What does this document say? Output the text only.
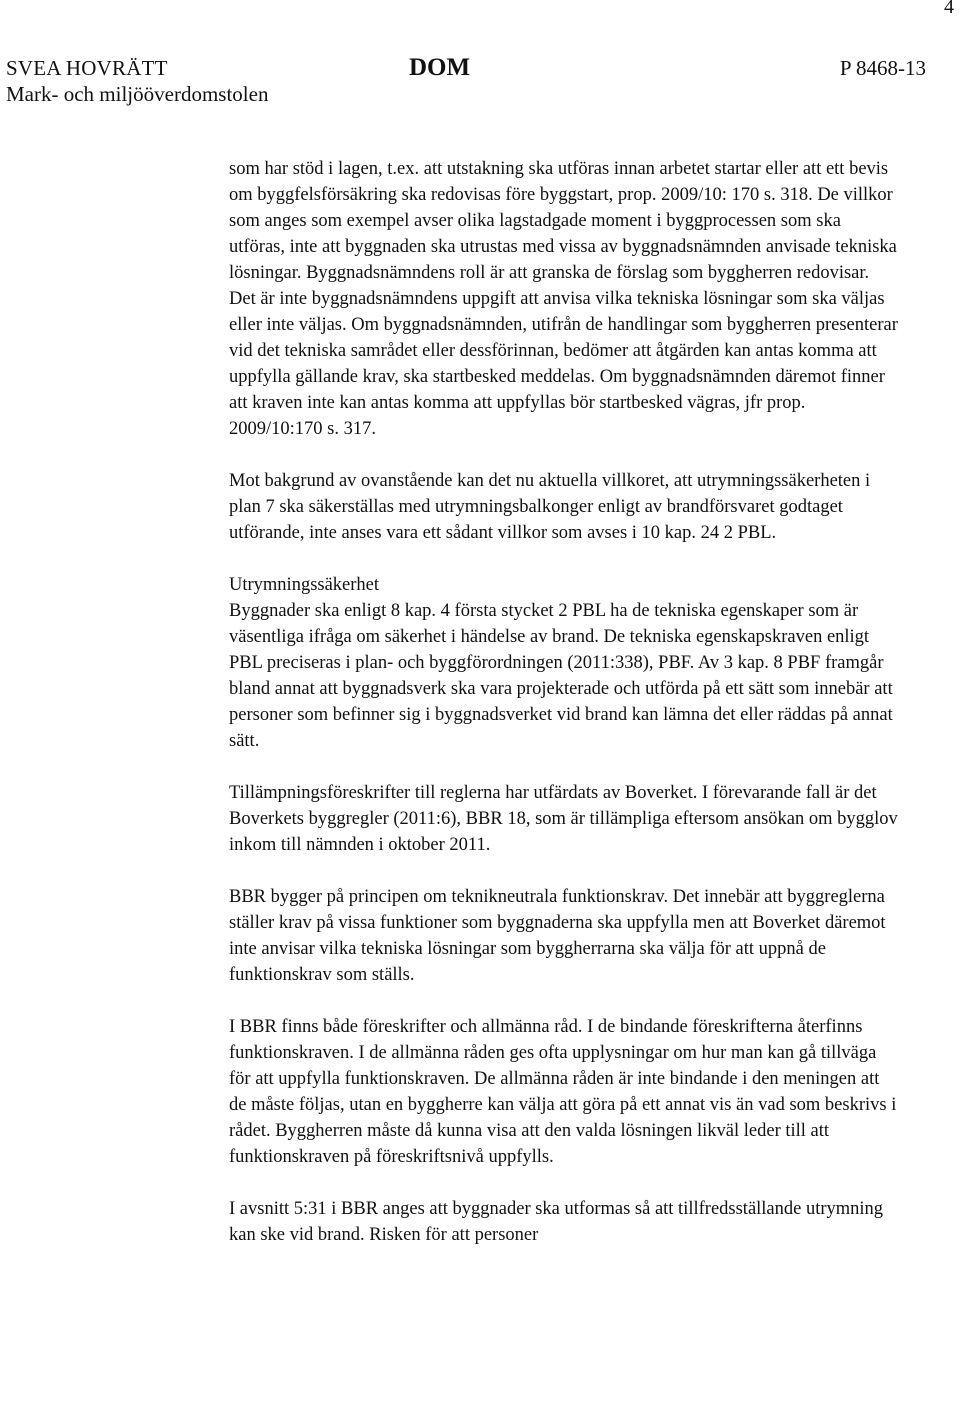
4
SVEA HOVRÄTT
Mark- och miljööverdomstolen
DOM	P 8468-13

som har stöd i lagen, t.ex. att utstakning ska utföras innan arbetet startar eller att ett bevis om byggfelsförsäkring ska redovisas före byggstart, prop. 2009/10: 170 s. 318. De villkor som anges som exempel avser olika lagstadgade moment i byggprocessen som ska utföras, inte att byggnaden ska utrustas med vissa av byggnadsnämnden anvisade tekniska lösningar. Byggnadsnämndens roll är att granska de förslag som byggherren redovisar. Det är inte byggnadsnämndens uppgift att anvisa vilka tekniska lösningar som ska väljas eller inte väljas. Om byggnadsnämnden, utifrån de handlingar som byggherren presenterar vid det tekniska samrådet eller dessförinnan, bedömer att åtgärden kan antas komma att uppfylla gällande krav, ska startbesked meddelas. Om byggnadsnämnden däremot finner att kraven inte kan antas komma att uppfyllas bör startbesked vägras, jfr prop. 2009/10:170 s. 317.

Mot bakgrund av ovanstående kan det nu aktuella villkoret, att utrymningssäkerheten i plan 7 ska säkerställas med utrymningsbalkonger enligt av brandförsvaret godtaget utförande, inte anses vara ett sådant villkor som avses i 10 kap. 24 2 PBL.

Utrymningssäkerhet
Byggnader ska enligt 8 kap. 4 första stycket 2 PBL ha de tekniska egenskaper som är väsentliga ifråga om säkerhet i händelse av brand. De tekniska egenskapskraven enligt PBL preciseras i plan- och byggförordningen (2011:338), PBF. Av 3 kap. 8 PBF framgår bland annat att byggnadsverk ska vara projekterade och utförda på ett sätt som innebär att personer som befinner sig i byggnadsverket vid brand kan lämna det eller räddas på annat sätt.

Tillämpningsföreskrifter till reglerna har utfärdats av Boverket. I förevarande fall är det Boverkets byggregler (2011:6), BBR 18, som är tillämpliga eftersom ansökan om bygglov inkom till nämnden i oktober 2011.

BBR bygger på principen om teknikneutrala funktionskrav. Det innebär att byggreglerna ställer krav på vissa funktioner som byggnaderna ska uppfylla men att Boverket däremot inte anvisar vilka tekniska lösningar som byggherrarna ska välja för att uppnå de funktionskrav som ställs.

I BBR finns både föreskrifter och allmänna råd. I de bindande föreskrifterna återfinns funktionskraven. I de allmänna råden ges ofta upplysningar om hur man kan gå tillväga för att uppfylla funktionskraven. De allmänna råden är inte bindande i den meningen att de måste följas, utan en byggherre kan välja att göra på ett annat vis än vad som beskrivs i rådet. Byggherren måste då kunna visa att den valda lösningen likväl leder till att funktionskraven på föreskriftsnivå uppfylls.

I avsnitt 5:31 i BBR anges att byggnader ska utformas så att tillfredsställande utrymning kan ske vid brand. Risken för att personer
